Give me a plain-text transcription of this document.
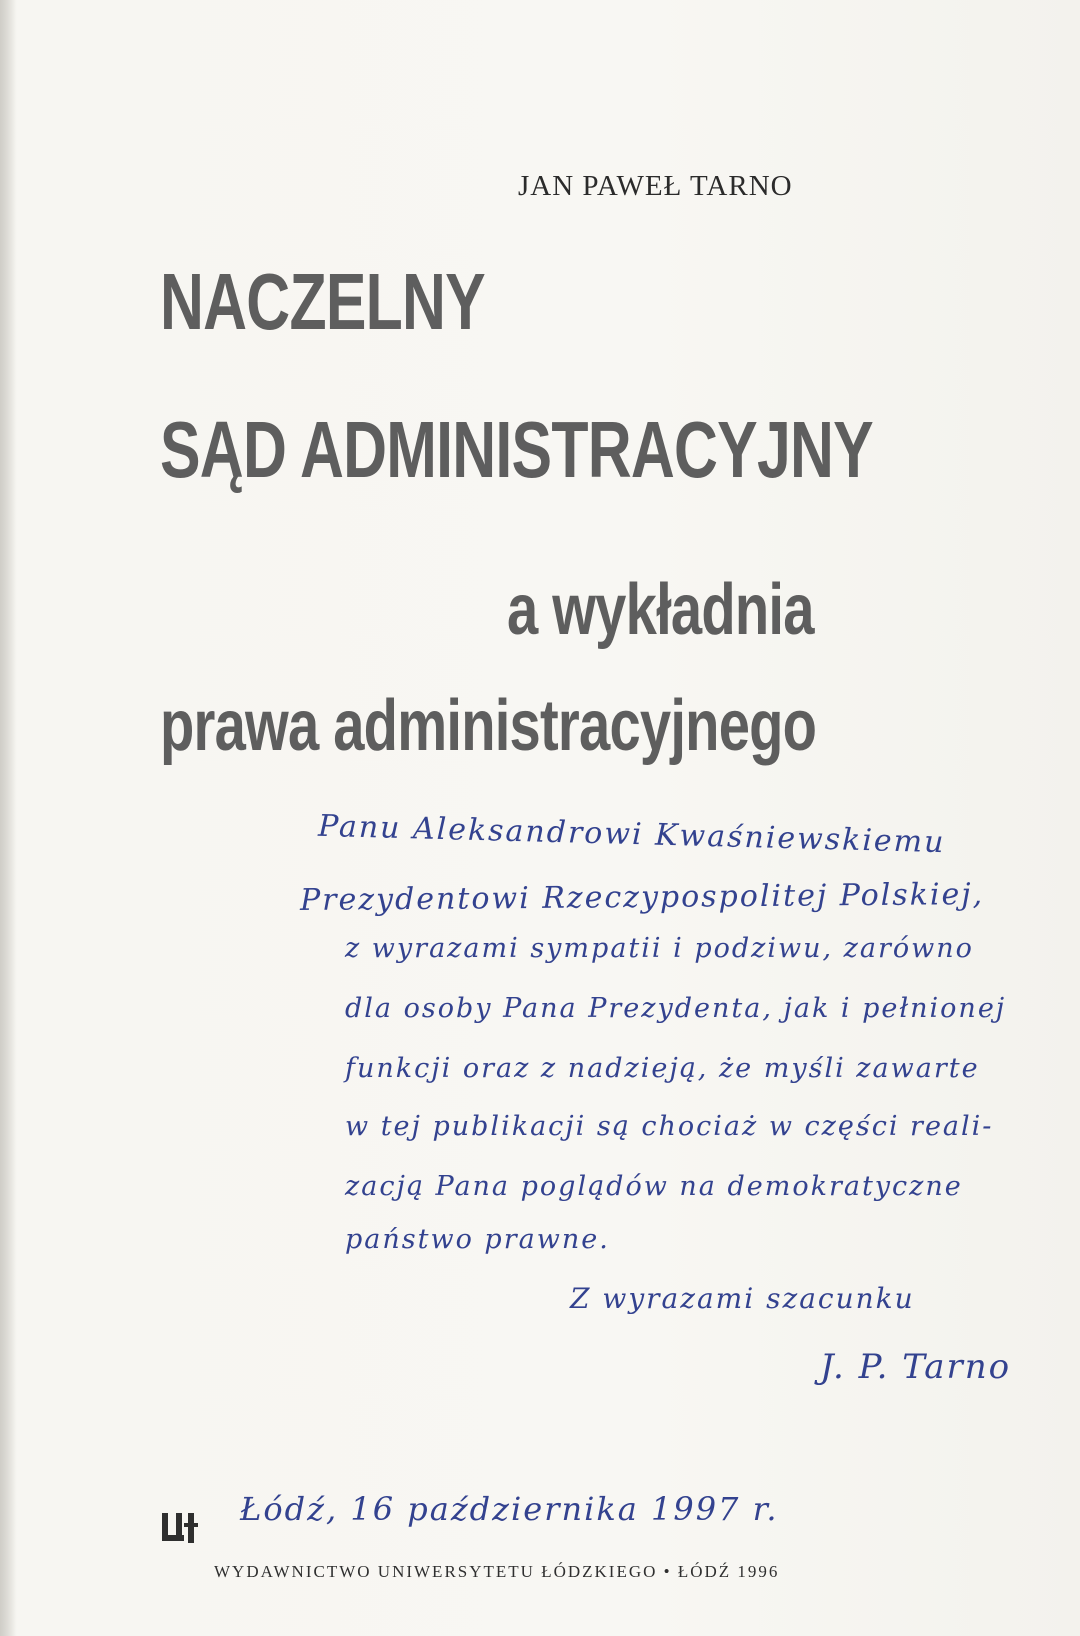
JAN PAWEŁ TARNO
NACZELNY
SĄD ADMINISTRACYJNY
a wykładnia
prawa administracyjnego
Panu Aleksandrowi Kwaśniewskiemu
Prezydentowi Rzeczypospolitej Polskiej,
z wyrazami sympatii i podziwu, zarówno
dla osoby Pana Prezydenta, jak i pełnionej
funkcji oraz z nadzieją, że myśli zawarte
w tej publikacji są chociaż w części reali-
zacją Pana poglądów na demokratyczne
państwo prawne.
Z wyrazami szacunku
J. P. Tarno
Łódź, 16 października 1997 r.
WYDAWNICTWO UNIWERSYTETU ŁÓDZKIEGO • ŁÓDŹ 1996
